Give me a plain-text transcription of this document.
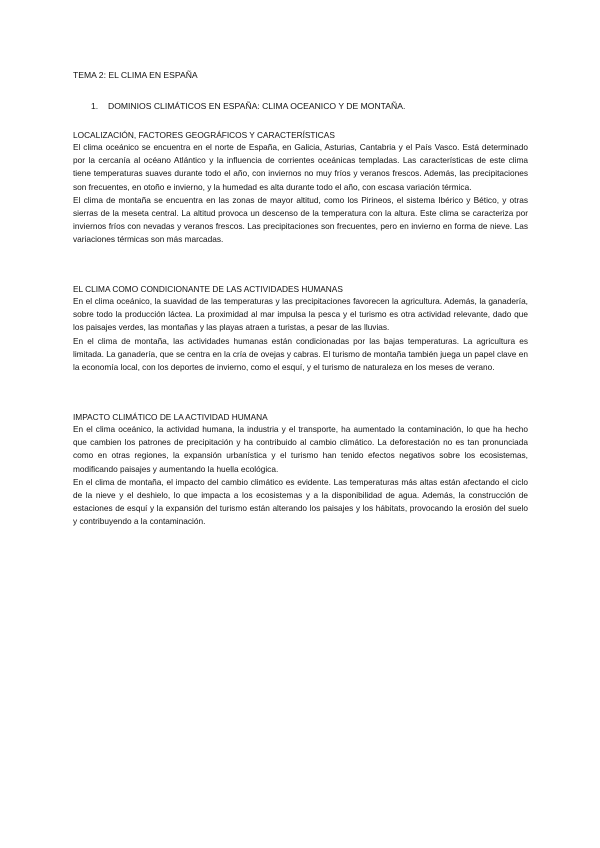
TEMA 2: EL CLIMA EN ESPAÑA
1. DOMINIOS CLIMÁTICOS EN ESPAÑA: CLIMA OCEANICO Y DE MONTAÑA.

LOCALIZACIÓN, FACTORES GEOGRÁFICOS Y CARACTERÍSTICAS

El clima oceánico se encuentra en el norte de España, en Galicia, Asturias, Cantabria y el País Vasco. Está determinado por la cercanía al océano Atlántico y la influencia de corrientes oceánicas templadas. Las características de este clima tiene temperaturas suaves durante todo el año, con inviernos no muy fríos y veranos frescos. Además, las precipitaciones son frecuentes, en otoño e invierno, y la humedad es alta durante todo el año, con escasa variación térmica.

El clima de montaña se encuentra en las zonas de mayor altitud, como los Pirineos, el sistema Ibérico y Bético, y otras sierras de la meseta central. La altitud provoca un descenso de la temperatura con la altura. Este clima se caracteriza por inviernos fríos con nevadas y veranos frescos. Las precipitaciones son frecuentes, pero en invierno en forma de nieve. Las variaciones térmicas son más marcadas.

EL CLIMA COMO CONDICIONANTE DE LAS ACTIVIDADES HUMANAS

En el clima oceánico, la suavidad de las temperaturas y las precipitaciones favorecen la agricultura. Además, la ganadería, sobre todo la producción láctea. La proximidad al mar impulsa la pesca y el turismo es otra actividad relevante, dado que los paisajes verdes, las montañas y las playas atraen a turistas, a pesar de las lluvias.

En el clima de montaña, las actividades humanas están condicionadas por las bajas temperaturas. La agricultura es limitada. La ganadería, que se centra en la cría de ovejas y cabras. El turismo de montaña también juega un papel clave en la economía local, con los deportes de invierno, como el esquí, y el turismo de naturaleza en los meses de verano.

IMPACTO CLIMÁTICO DE LA ACTIVIDAD HUMANA

En el clima oceánico, la actividad humana, la industria y el transporte, ha aumentado la contaminación, lo que ha hecho que cambien los patrones de precipitación y ha contribuido al cambio climático. La deforestación no es tan pronunciada como en otras regiones, la expansión urbanística y el turismo han tenido efectos negativos sobre los ecosistemas, modificando paisajes y aumentando la huella ecológica.

En el clima de montaña, el impacto del cambio climático es evidente. Las temperaturas más altas están afectando el ciclo de la nieve y el deshielo, lo que impacta a los ecosistemas y a la disponibilidad de agua. Además, la construcción de estaciones de esquí y la expansión del turismo están alterando los paisajes y los hábitats, provocando la erosión del suelo y contribuyendo a la contaminación.
